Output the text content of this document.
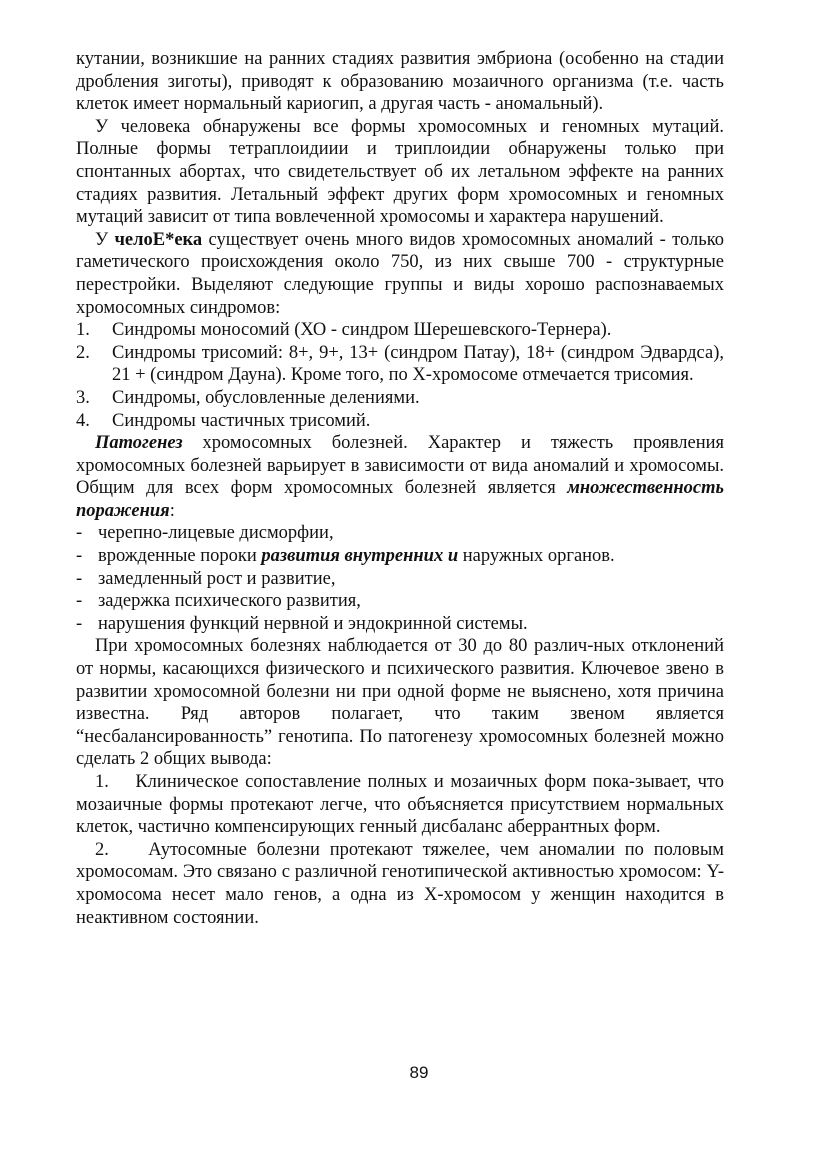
кутании, возникшие на ранних стадиях развития эмбриона (особенно на стадии дробления зиготы), приводят к образованию мозаичного организма (т.е. часть клеток имеет нормальный кариогип, а другая часть - аномальный).

У человека обнаружены все формы хромосомных и геномных мутаций. Полные формы тетраплоидиии и триплоидии обнаружены только при спонтанных абортах, что свидетельствует об их летальном эффекте на ранних стадиях развития. Летальный эффект других форм хромосомных и геномных мутаций зависит от типа вовлеченной хромосомы и характера нарушений.

У челоЕ*ека существует очень много видов хромосомных аномалий - только гаметического происхождения около 750, из них свыше 700 - структурные перестройки. Выделяют следующие группы и виды хорошо распознаваемых хромосомных синдромов:

1. Синдромы моносомий (ХО - синдром Шерешевского-Тернера).
2. Синдромы трисомий: 8+, 9+, 13+ (синдром Патау), 18+ (синдром Эдвардса), 21 + (синдром Дауна). Кроме того, по X-хромосоме отмечается трисомия.
3. Синдромы, обусловленные делениями.
4. Синдромы частичных трисомий.

Патогенез хромосомных болезней. Характер и тяжесть проявления хромосомных болезней варьирует в зависимости от вида аномалий и хромосомы. Общим для всех форм хромосомных болезней является множественность поражения:

- черепно-лицевые дисморфии,
- врожденные пороки развития внутренних и наружных органов.
- замедленный рост и развитие,
- задержка психического развития,
- нарушения функций нервной и эндокринной системы.

При хромосомных болезнях наблюдается от 30 до 80 различ-ных отклонений от нормы, касающихся физического и психического развития. Ключевое звено в развитии хромосомной болезни ни при одной форме не выяснено, хотя причина известна. Ряд авторов полагает, что таким звеном является “несбалансированность” генотипа. По патогенезу хромосомных болезней можно сделать 2 общих вывода:

1. Клиническое сопоставление полных и мозаичных форм пока-зывает, что мозаичные формы протекают легче, что объясняется присутствием нормальных клеток, частично компенсирующих генный дисбаланс аберрантных форм.

2. Аутосомные болезни протекают тяжелее, чем аномалии по половым хромосомам. Это связано с различной генотипической активностью хромосом: Y-хромосома несет мало генов, а одна из Х-хромосом у женщин находится в неактивном состоянии.

89
